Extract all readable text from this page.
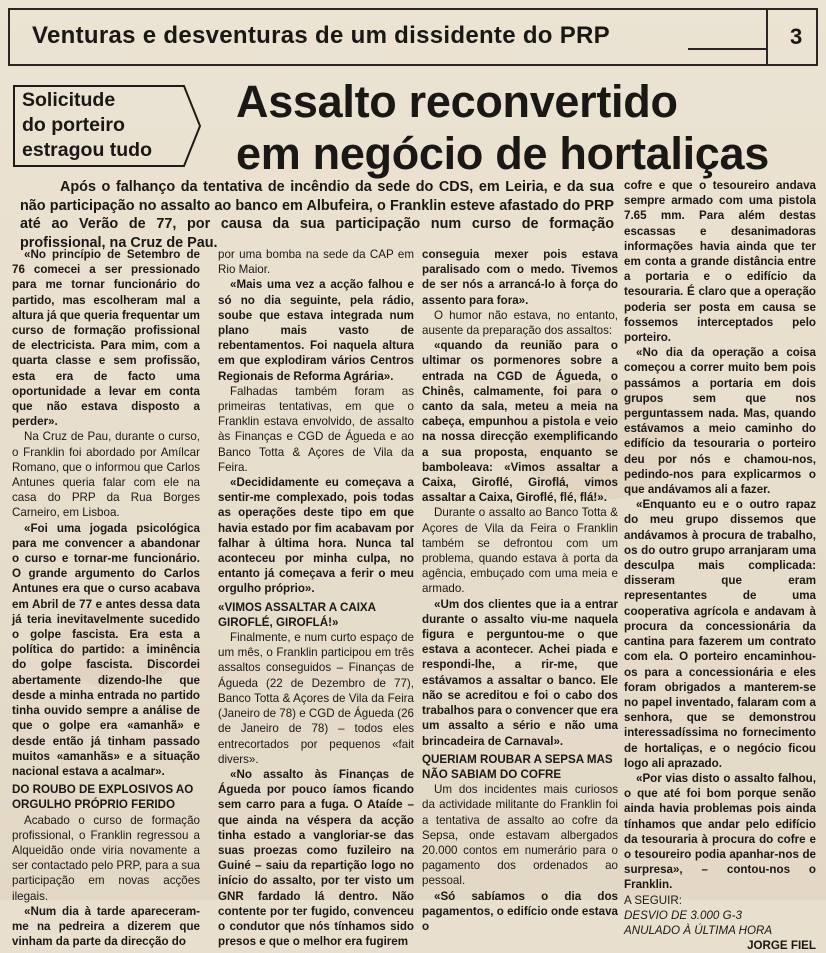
Venturas e desventuras de um dissidente do PRP	3
Solicitude
do porteiro
estragou tudo
Assalto reconvertido
em negócio de hortaliças
Após o falhanço da tentativa de incêndio da sede do CDS, em Leiria, e da sua não participação no assalto ao banco em Albufeira, o Franklin esteve afastado do PRP até ao Verão de 77, por causa da sua participação num curso de formação profissional, na Cruz de Pau.

«No princípio de Setembro de 76 comecei a ser pressionado para me tornar funcionário do partido, mas escolheram mal a altura já que queria frequentar um curso de formação profissional de electricista. Para mim, com a quarta classe e sem profissão, esta era de facto uma oportunidade a levar em conta que não estava disposto a perder».

Na Cruz de Pau, durante o curso, o Franklin foi abordado por Amílcar Romano, que o informou que Carlos Antunes queria falar com ele na casa do PRP da Rua Borges Carneiro, em Lisboa.

«Foi uma jogada psicológica para me convencer a abandonar o curso e tornar-me funcionário. O grande argumento do Carlos Antunes era que o curso acabava em Abril de 77 e antes dessa data já teria inevitavelmente sucedido o golpe fascista. Era esta a política do partido: a iminência do golpe fascista. Discordei abertamente dizendo-lhe que desde a minha entrada no partido tinha ouvido sempre a análise de que o golpe era «amanhã» e desde então já tinham passado muitos «amanhãs» e a situação nacional estava a acalmar».

DO ROUBO DE EXPLOSIVOS AO ORGULHO PRÓPRIO FERIDO

Acabado o curso de formação profissional, o Franklin regressou a Alqueidão onde viria novamente a ser contactado pelo PRP, para a sua participação em novas acções ilegais.

«Num dia à tarde apareceram-me na pedreira a dizerem que vinham da parte da direcção do

por uma bomba na sede da CAP em Rio Maior.

«Mais uma vez a acção falhou e só no dia seguinte, pela rádio, soube que estava integrada num plano mais vasto de rebentamentos. Foi naquela altura em que explodiram vários Centros Regionais de Reforma Agrária».

Falhadas também foram as primeiras tentativas, em que o Franklin estava envolvido, de assalto às Finanças e CGD de Águeda e ao Banco Totta & Açores de Vila da Feira.

«Decididamente eu começava a sentir-me complexado, pois todas as operações deste tipo em que havia estado por fim acabavam por falhar à última hora. Nunca tal aconteceu por minha culpa, no entanto já começava a ferir o meu orgulho próprio».

«VIMOS ASSALTAR A CAIXA GIROFLÉ, GIROFLÁ!»

Finalmente, e num curto espaço de um mês, o Franklin participou em três assaltos conseguidos – Finanças de Águeda (22 de Dezembro de 77), Banco Totta & Açores de Vila da Feira (Janeiro de 78) e CGD de Águeda (26 de Janeiro de 78) – todos eles entrecortados por pequenos «fait divers».

«No assalto às Finanças de Águeda por pouco íamos ficando sem carro para a fuga. O Ataíde – que ainda na véspera da acção tinha estado a vangloriar-se das suas proezas como fuzileiro na Guiné – saiu da repartição logo no início do assalto, por ter visto um GNR fardado lá dentro. Não contente por ter fugido, convenceu o condutor que nós tínhamos sido presos e que o melhor era fugirem

conseguia mexer pois estava paralisado com o medo. Tivemos de ser nós a arrancá-lo à força do assento para fora».

O humor não estava, no entanto, ausente da preparação dos assaltos:

«quando da reunião para o ultimar os pormenores sobre a entrada na CGD de Águeda, o Chinês, calmamente, foi para o canto da sala, meteu a meia na cabeça, empunhou a pistola e veio na nossa direcção exemplificando a sua proposta, enquanto se bamboleava: «Vimos assaltar a Caixa, Giroflé, Giroflá, vimos assaltar a Caixa, Giroflé, flé, flá!».

Durante o assalto ao Banco Totta & Açores de Vila da Feira o Franklin também se defrontou com um problema, quando estava à porta da agência, embuçado com uma meia e armado.

«Um dos clientes que ia a entrar durante o assalto viu-me naquela figura e perguntou-me o que estava a acontecer. Achei piada e respondi-lhe, a rir-me, que estávamos a assaltar o banco. Ele não se acreditou e foi o cabo dos trabalhos para o convencer que era um assalto a sério e não uma brincadeira de Carnaval».

QUERIAM ROUBAR A SEPSA MAS NÃO SABIAM DO COFRE

Um dos incidentes mais curiosos da actividade militante do Franklin foi a tentativa de assalto ao cofre da Sepsa, onde estavam albergados 20.000 contos em numerário para o pagamento dos ordenados ao pessoal.

«Só sabíamos o dia dos pagamentos, o edifício onde estava o

cofre e que o tesoureiro andava sempre armado com uma pistola 7.65 mm. Para além destas escassas e desanimadoras informações havia ainda que ter em conta a grande distância entre a portaria e o edifício da tesouraria. É claro que a operação poderia ser posta em causa se fossemos interceptados pelo porteiro.

«No dia da operação a coisa começou a correr muito bem pois passámos a portaria em dois grupos sem que nos perguntassem nada. Mas, quando estávamos a meio caminho do edifício da tesouraria o porteiro deu por nós e chamou-nos, pedindo-nos para explicarmos o que andávamos ali a fazer.

«Enquanto eu e o outro rapaz do meu grupo dissemos que andávamos à procura de trabalho, os do outro grupo arranjaram uma desculpa mais complicada: disseram que eram representantes de uma cooperativa agrícola e andavam à procura da concessionária da cantina para fazerem um contrato com ela. O porteiro encaminhou-os para a concessionária e eles foram obrigados a manterem-se no papel inventado, falaram com a senhora, que se demonstrou interessadíssima no fornecimento de hortaliças, e o negócio ficou logo ali aprazado.

«Por vias disto o assalto falhou, o que até foi bom porque senão ainda havia problemas pois ainda tínhamos que andar pelo edifício da tesouraria à procura do cofre e o tesoureiro podia apanhar-nos de surpresa», – contou-nos o Franklin.

A SEGUIR:

DESVIO DE 3.000 G-3

ANULADO À ÚLTIMA HORA

JORGE FIEL
